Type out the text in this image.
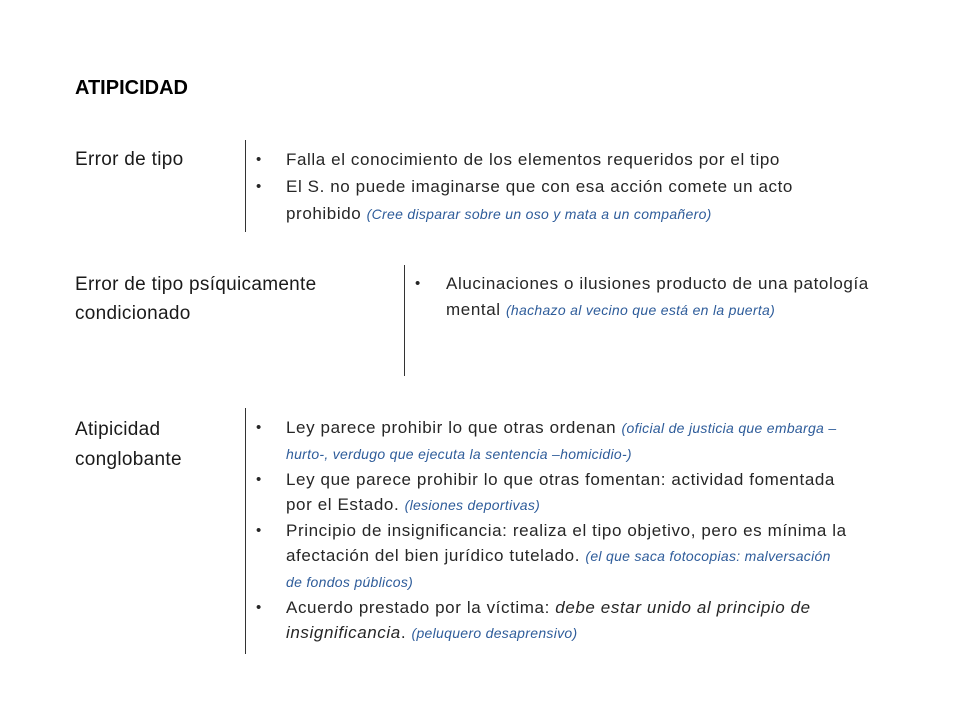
ATIPICIDAD
Error de tipo	• Falla el conocimiento de los elementos requeridos por el tipo
• El S. no puede imaginarse que con esa acción comete un acto
prohibido (Cree disparar sobre un oso y mata a un compañero)
Error de tipo psíquicamente
condicionado
• Alucinaciones o ilusiones producto de una patología
mental (hachazo al vecino que está en la puerta)
Atipicidad
conglobante
• Ley parece prohibir lo que otras ordenan (oficial de justicia que embarga –
hurto-, verdugo que ejecuta la sentencia –homicidio-)
• Ley que parece prohibir lo que otras fomentan: actividad fomentada
por el Estado. (lesiones deportivas)
• Principio de insignificancia: realiza el tipo objetivo, pero es mínima la
afectación del bien jurídico tutelado. (el que saca fotocopias: malversación
de fondos públicos)
• Acuerdo prestado por la víctima: debe estar unido al principio de
insignificancia. (peluquero desaprensivo)
